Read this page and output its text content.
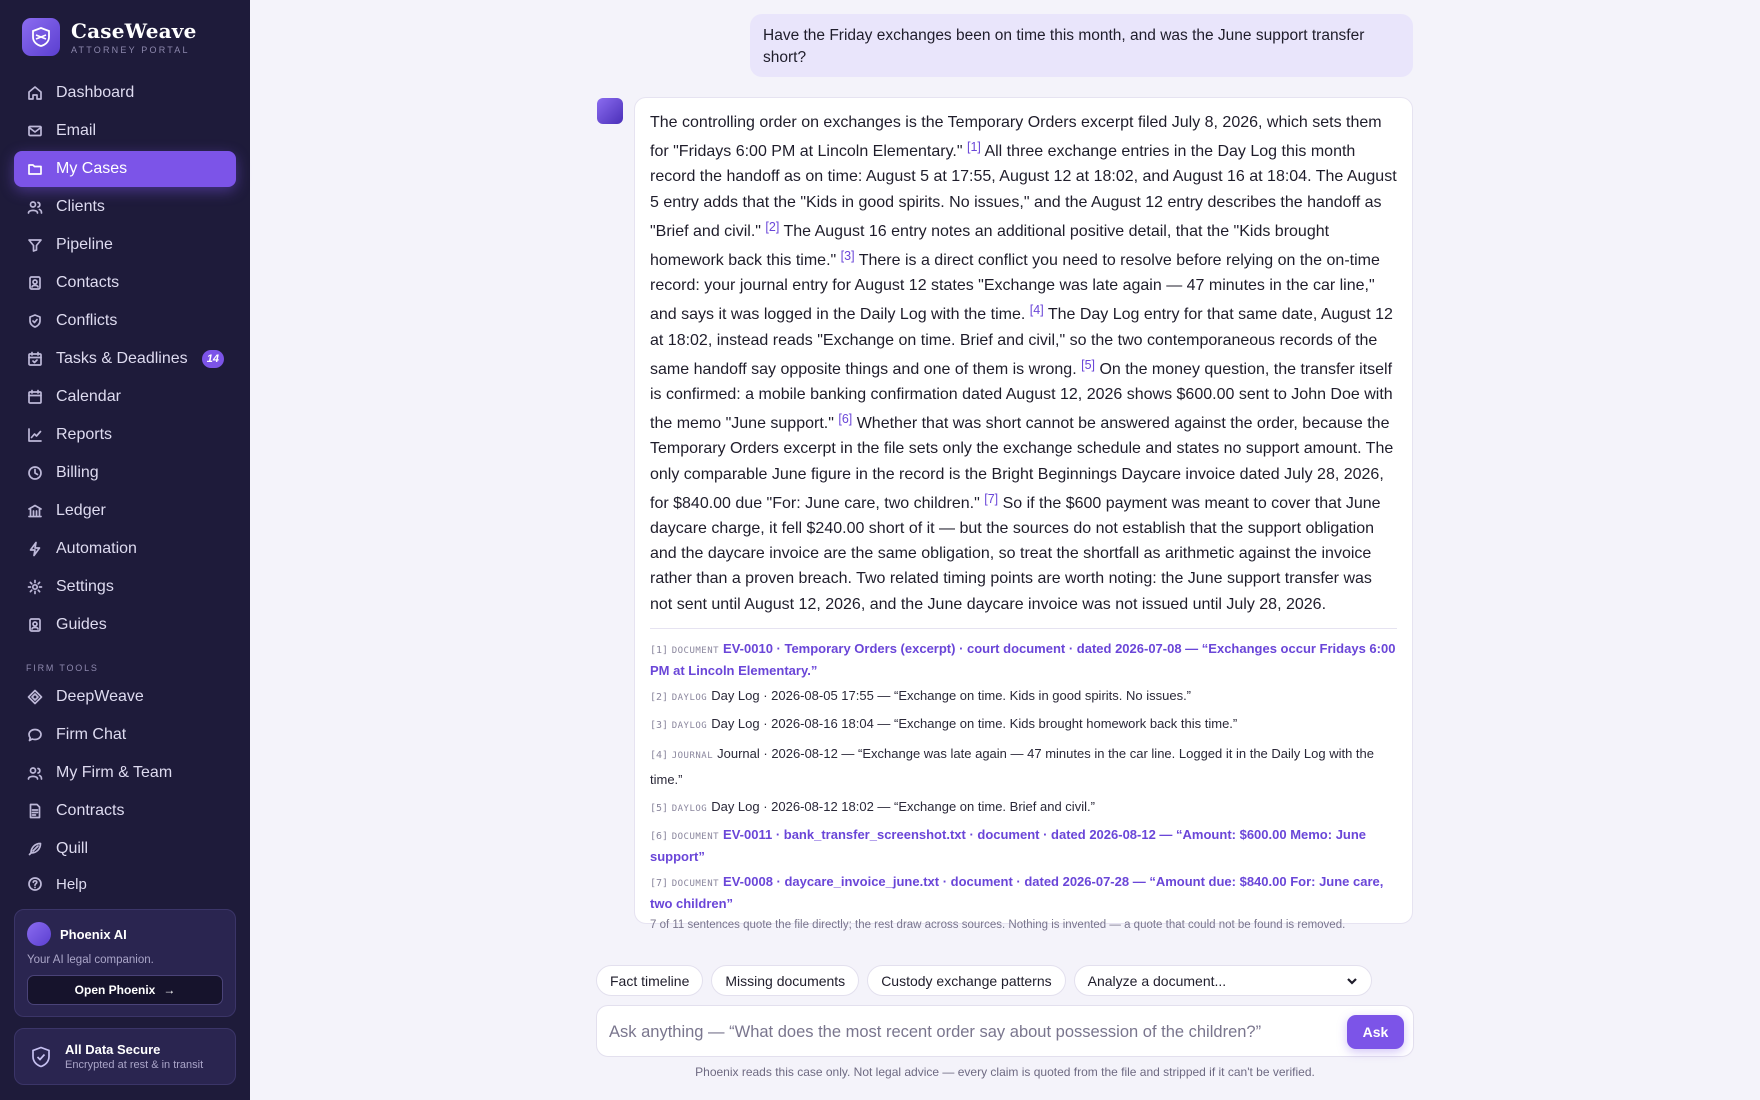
CaseWeave
ATTORNEY PORTAL
Dashboard
Email
My Cases
Clients
Pipeline
Contacts
Conflicts
Tasks & Deadlines	14
Calendar
Reports
Billing
Ledger
Automation
Settings
Guides
FIRM TOOLS
DeepWeave
Firm Chat
My Firm & Team
Contracts
Quill
Help
Phoenix AI
Your AI legal companion.
Open Phoenix →
All Data Secure
Encrypted at rest & in transit
Have the Friday exchanges been on time this month, and was the June support transfer short?
The controlling order on exchanges is the Temporary Orders excerpt filed July 8, 2026, which sets them for "Fridays 6:00 PM at Lincoln Elementary." [1] All three exchange entries in the Day Log this month record the handoff as on time: August 5 at 17:55, August 12 at 18:02, and August 16 at 18:04. The August 5 entry adds that the "Kids in good spirits. No issues," and the August 12 entry describes the handoff as "Brief and civil." [2] The August 16 entry notes an additional positive detail, that the "Kids brought homework back this time." [3] There is a direct conflict you need to resolve before relying on the on-time record: your journal entry for August 12 states "Exchange was late again — 47 minutes in the car line," and says it was logged in the Daily Log with the time. [4] The Day Log entry for that same date, August 12 at 18:02, instead reads "Exchange on time. Brief and civil," so the two contemporaneous records of the same handoff say opposite things and one of them is wrong. [5] On the money question, the transfer itself is confirmed: a mobile banking confirmation dated August 12, 2026 shows $600.00 sent to John Doe with the memo "June support." [6] Whether that was short cannot be answered against the order, because the Temporary Orders excerpt in the file sets only the exchange schedule and states no support amount. The only comparable June figure in the record is the Bright Beginnings Daycare invoice dated July 28, 2026, for $840.00 due "For: June care, two children." [7] So if the $600 payment was meant to cover that June daycare charge, it fell $240.00 short of it — but the sources do not establish that the support obligation and the daycare invoice are the same obligation, so treat the shortfall as arithmetic against the invoice rather than a proven breach. Two related timing points are worth noting: the June support transfer was not sent until August 12, 2026, and the June daycare invoice was not issued until July 28, 2026.
[1] DOCUMENT EV-0010 · Temporary Orders (excerpt) · court document · dated 2026-07-08 — “Exchanges occur Fridays 6:00 PM at Lincoln Elementary.”
[2] DAYLOG Day Log · 2026-08-05 17:55 — “Exchange on time. Kids in good spirits. No issues.”
[3] DAYLOG Day Log · 2026-08-16 18:04 — “Exchange on time. Kids brought homework back this time.”
[4] JOURNAL Journal · 2026-08-12 — “Exchange was late again — 47 minutes in the car line. Logged it in the Daily Log with the time.”
[5] DAYLOG Day Log · 2026-08-12 18:02 — “Exchange on time. Brief and civil.”
[6] DOCUMENT EV-0011 · bank_transfer_screenshot.txt · document · dated 2026-08-12 — “Amount: $600.00 Memo: June support”
[7] DOCUMENT EV-0008 · daycare_invoice_june.txt · document · dated 2026-07-28 — “Amount due: $840.00 For: June care, two children”
7 of 11 sentences quote the file directly; the rest draw across sources. Nothing is invented — a quote that could not be found is removed.
Fact timeline	Missing documents	Custody exchange patterns	Analyze a document...
Ask anything — “What does the most recent order say about possession of the children?”
Ask
Phoenix reads this case only. Not legal advice — every claim is quoted from the file and stripped if it can't be verified.
